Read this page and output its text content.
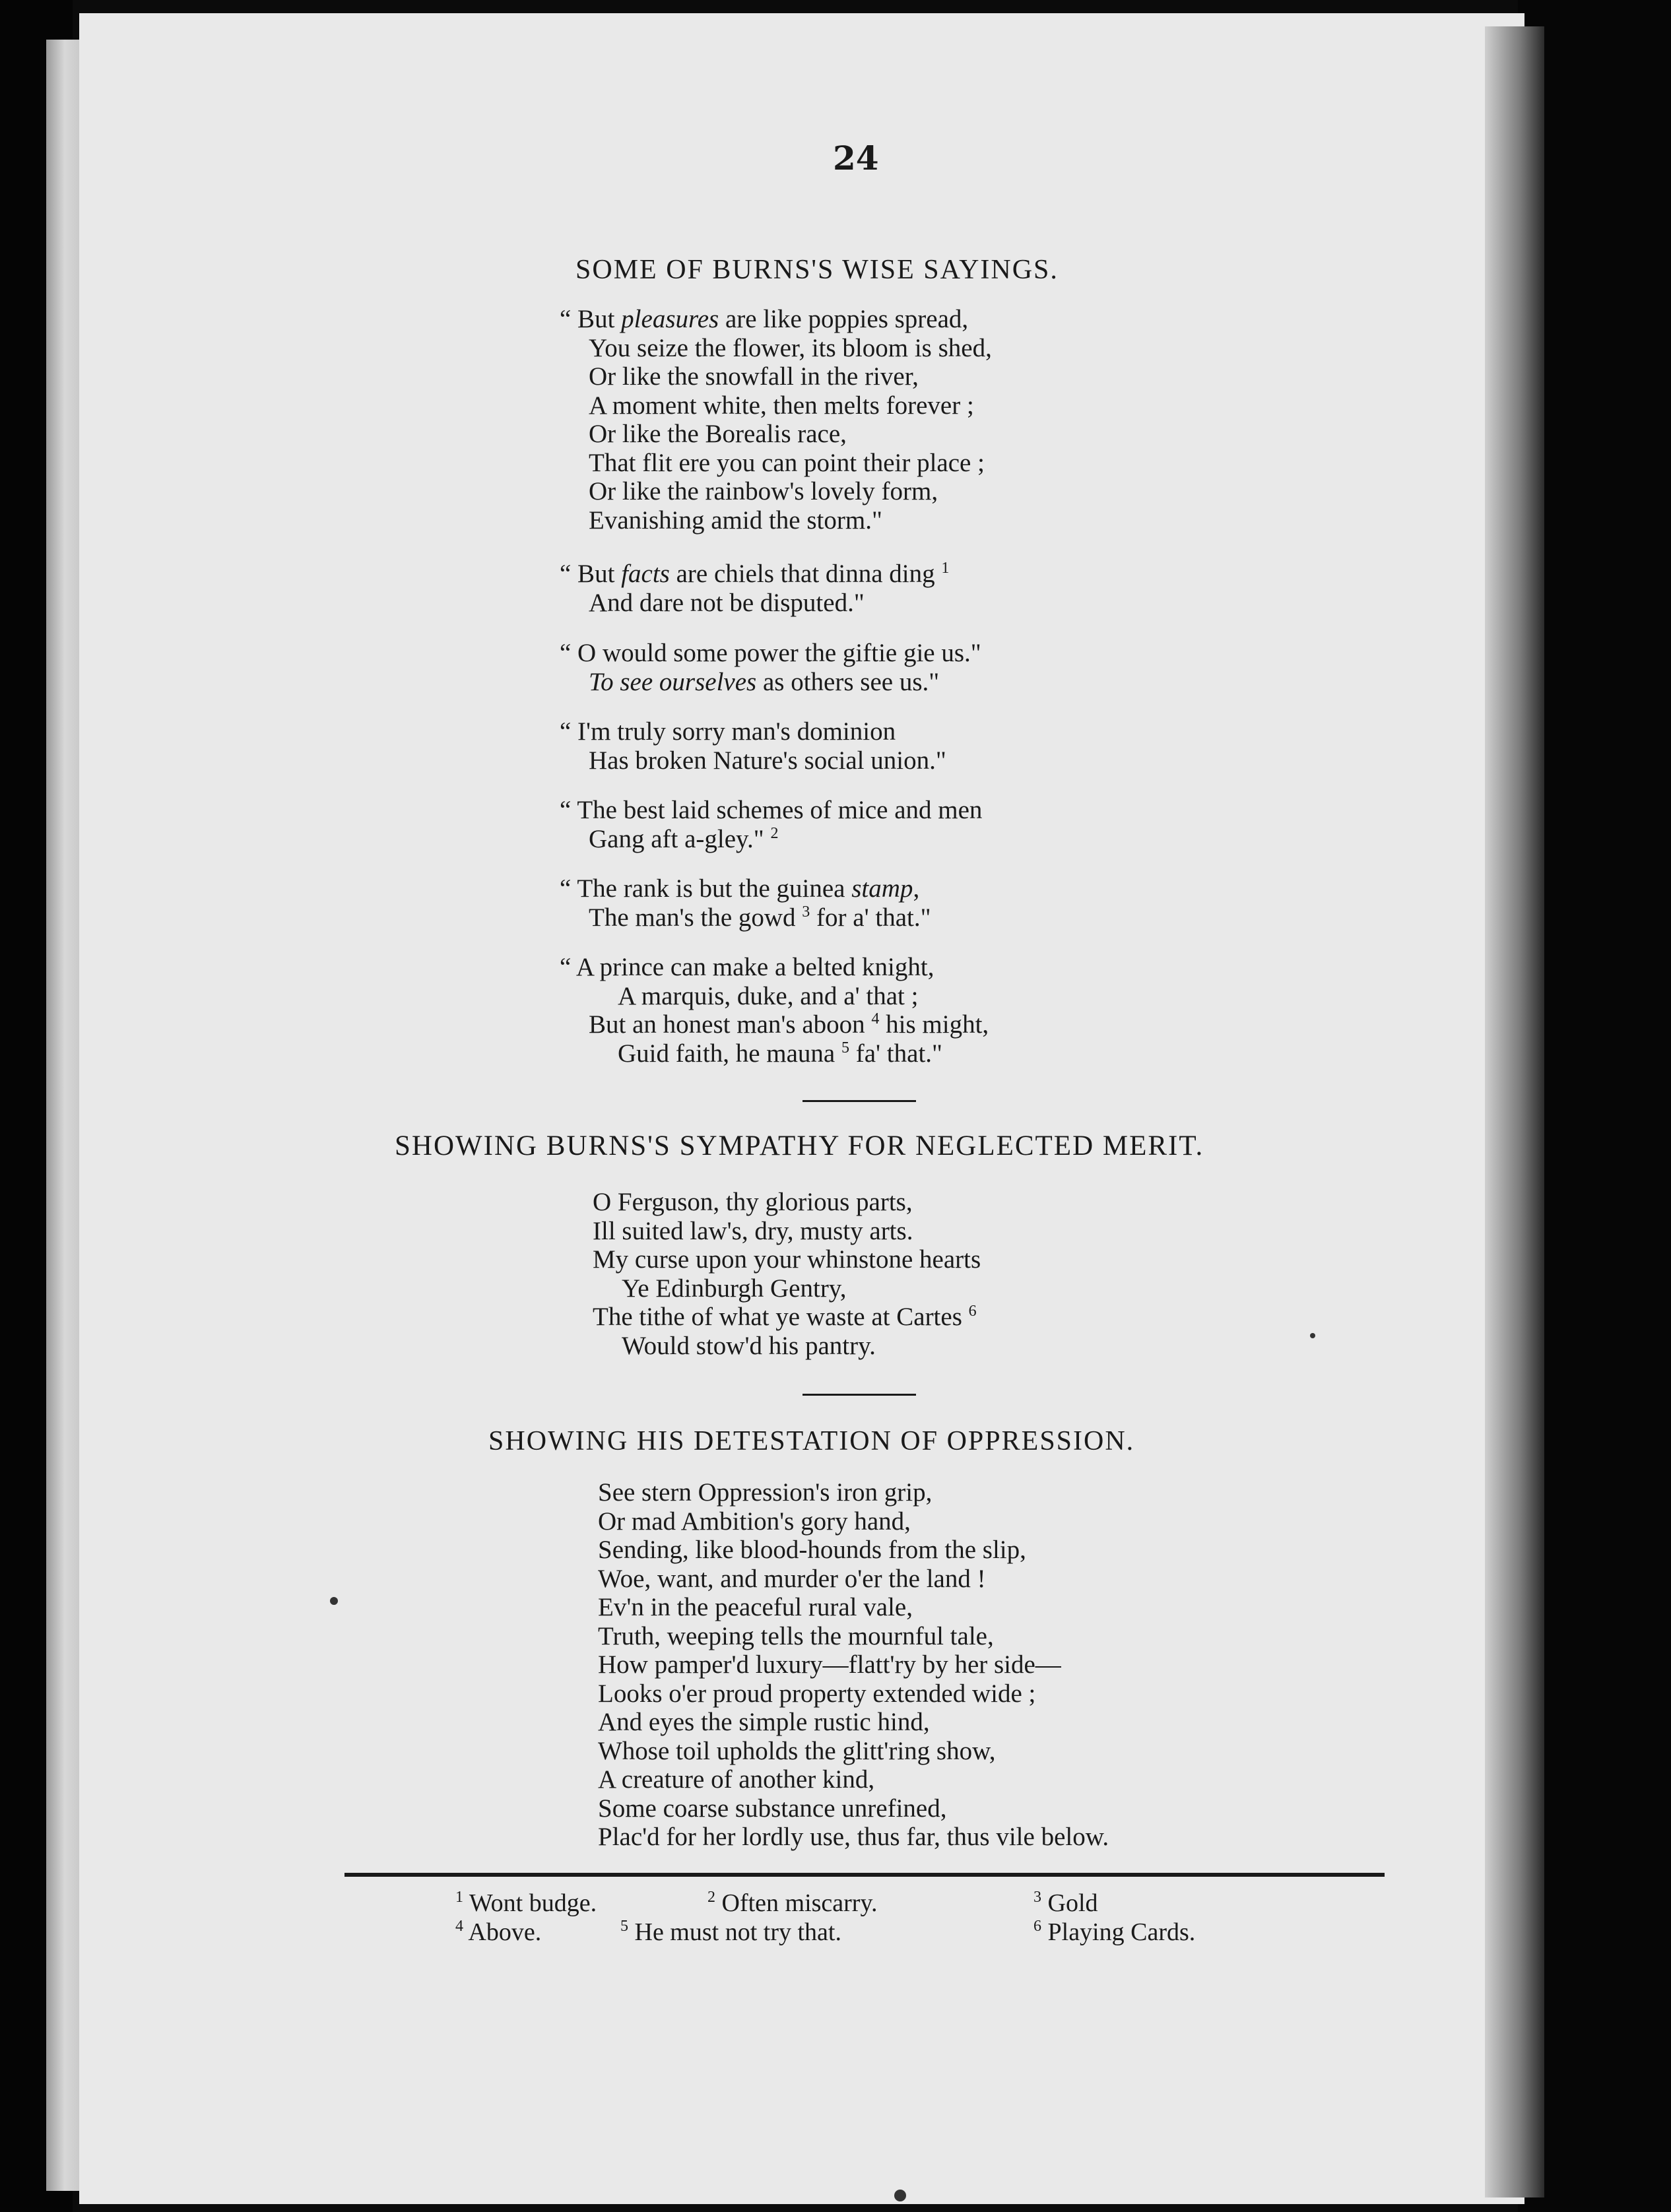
24
SOME OF BURNS'S WISE SAYINGS.
“ But pleasures are like poppies spread,
You seize the flower, its bloom is shed,
Or like the snowfall in the river,
A moment white, then melts forever ;
Or like the Borealis race,
That flit ere you can point their place ;
Or like the rainbow's lovely form,
Evanishing amid the storm."
“ But facts are chiels that dinna ding $^1$
And dare not be disputed."
“ O would some power the giftie gie us."
To see ourselves as others see us."
“ I'm truly sorry man's dominion
Has broken Nature's social union."
“ The best laid schemes of mice and men
Gang aft a-gley." $^2$
“ The rank is but the guinea stamp,
The man's the gowd $^3$ for a' that."
“ A prince can make a belted knight,
A marquis, duke, and a' that ;
But an honest man's aboon $^4$ his might,
Guid faith, he mauna $^5$ fa' that."
SHOWING BURNS'S SYMPATHY FOR NEGLECTED MERIT.
O Ferguson, thy glorious parts,
Ill suited law's, dry, musty arts.
My curse upon your whinstone hearts
Ye Edinburgh Gentry,
The tithe of what ye waste at Cartes $^6$
Would stow'd his pantry.
SHOWING HIS DETESTATION OF OPPRESSION.
See stern Oppression's iron grip,
Or mad Ambition's gory hand,
Sending, like blood-hounds from the slip,
Woe, want, and murder o'er the land !
Ev'n in the peaceful rural vale,
Truth, weeping tells the mournful tale,
How pamper'd luxury—flatt'ry by her side—
Looks o'er proud property extended wide ;
And eyes the simple rustic hind,
Whose toil upholds the glitt'ring show,
A creature of another kind,
Some coarse substance unrefined,
Plac'd for her lordly use, thus far, thus vile below.
$^1$ Wont budge.	$^2$ Often miscarry.	$^3$ Gold
$^4$ Above.	$^5$ He must not try that.	$^6$ Playing Cards.
